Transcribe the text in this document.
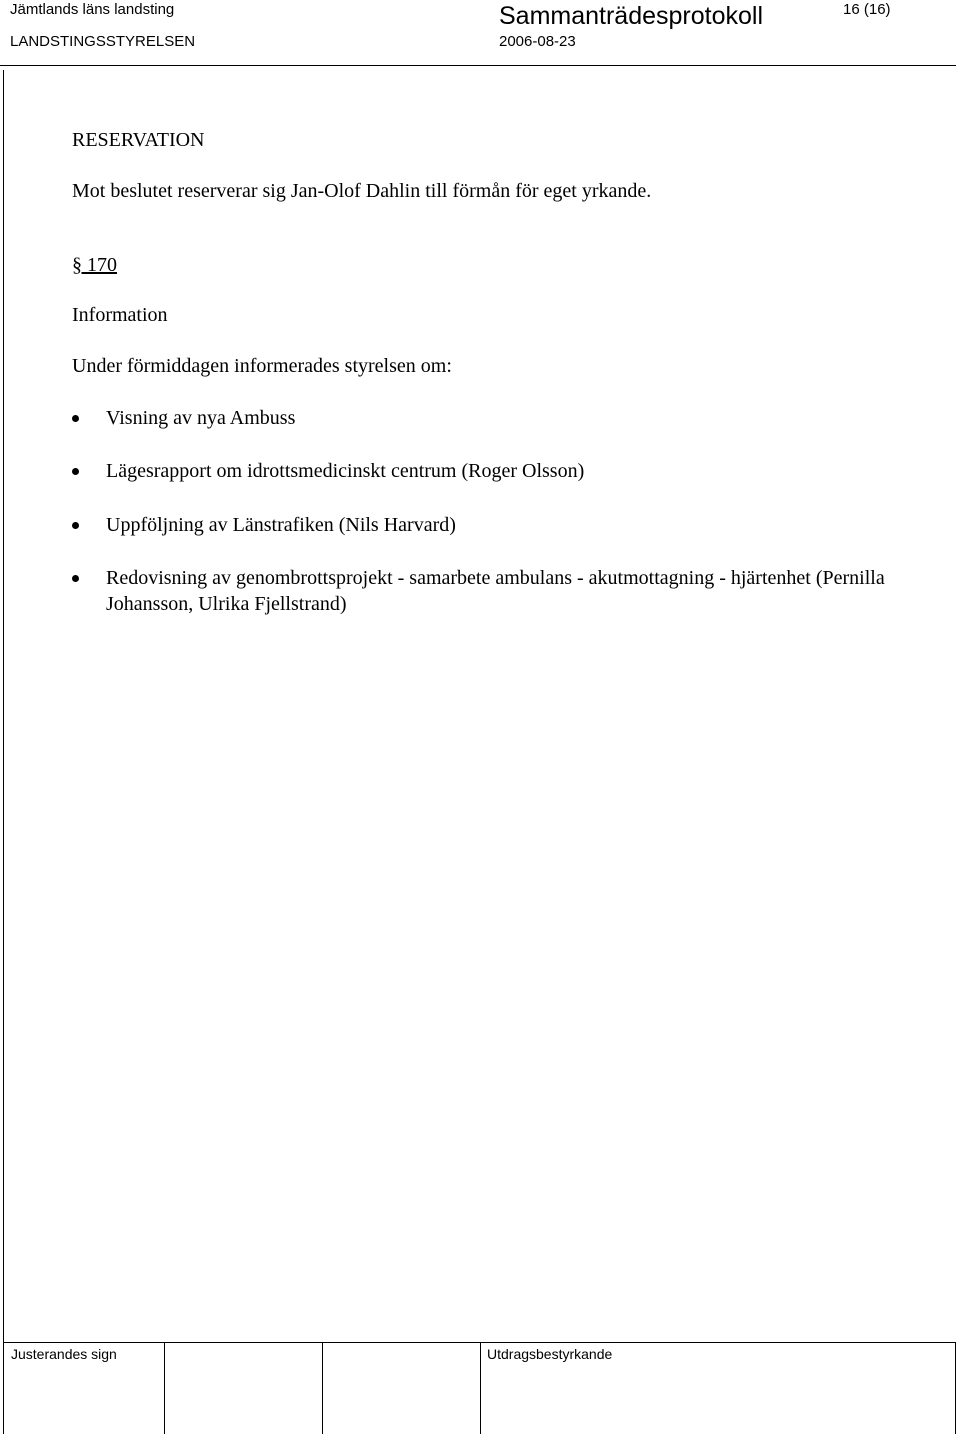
Jämtlands läns landsting
LANDSTINGSSTYRELSEN
Sammanträdesprotokoll
2006-08-23
16 (16)
RESERVATION
Mot beslutet reserverar sig Jan-Olof Dahlin till förmån för eget yrkande.
§ 170
Information
Under förmiddagen informerades styrelsen om:
Visning av nya Ambuss
Lägesrapport om idrottsmedicinskt centrum (Roger Olsson)
Uppföljning av Länstrafiken (Nils Harvard)
Redovisning av genombrottsprojekt - samarbete ambulans - akutmottagning - hjärtenhet (Pernilla Johansson, Ulrika Fjellstrand)
Justerandes sign	Utdragsbestyrkande
